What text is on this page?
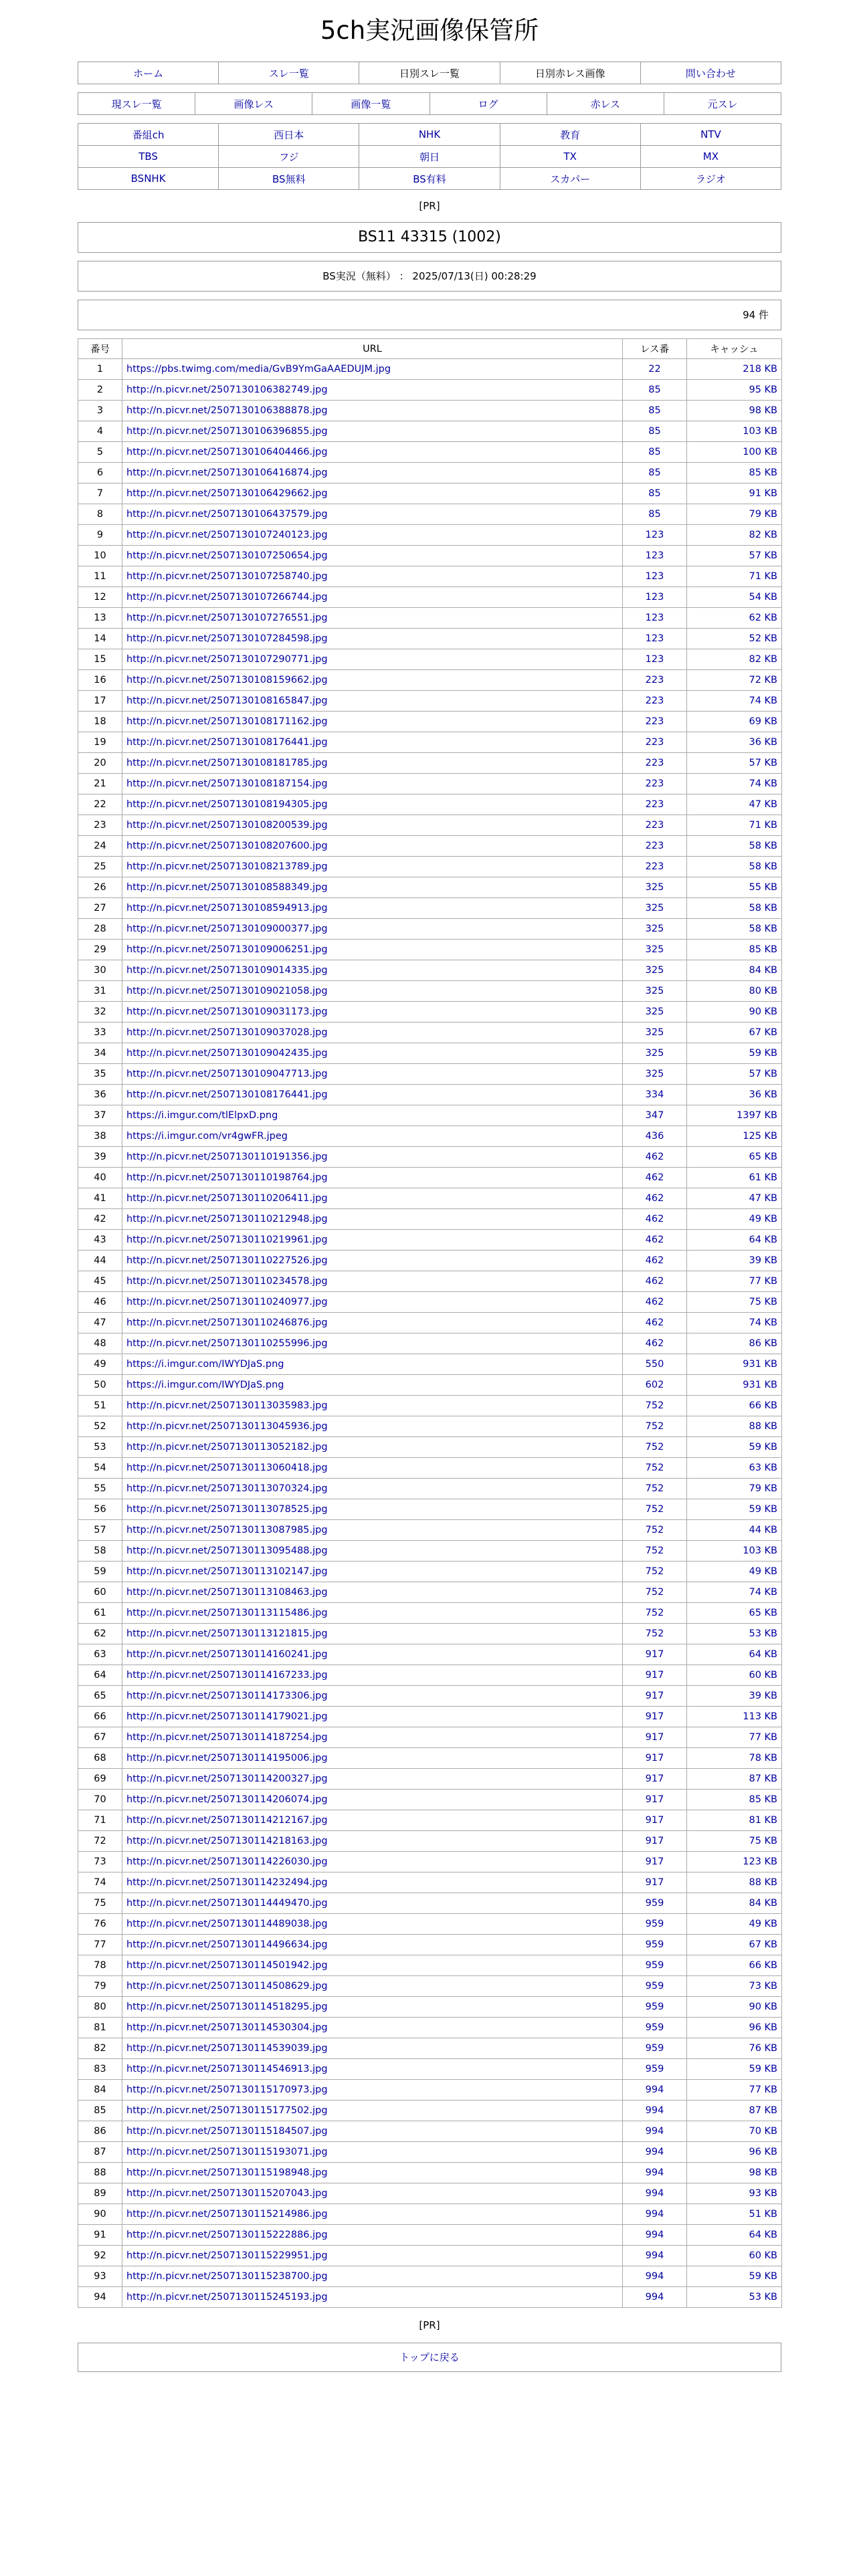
5ch実況画像保管所
ホーム	スレ一覧	日別スレ一覧	日別赤レス画像	問い合わせ
現スレ一覧	画像レス	画像一覧	ログ	赤レス	元スレ
番組ch	西日本	NHK	教育	NTV
TBS	フジ	朝日	TX	MX
BSNHK	BS無料	BS有料	スカパー	ラジオ
[PR]
BS11 43315 (1002)
BS実況（無料） ： 2025/07/13(日) 00:28:29
94 件
番号	URL	レス番	キャッシュ
1	https://pbs.twimg.com/media/GvB9YmGaAAEDUJM.jpg	22	218 KB
2	http://n.picvr.net/2507130106382749.jpg	85	95 KB
3	http://n.picvr.net/2507130106388878.jpg	85	98 KB
4	http://n.picvr.net/2507130106396855.jpg	85	103 KB
5	http://n.picvr.net/2507130106404466.jpg	85	100 KB
6	http://n.picvr.net/2507130106416874.jpg	85	85 KB
7	http://n.picvr.net/2507130106429662.jpg	85	91 KB
8	http://n.picvr.net/2507130106437579.jpg	85	79 KB
9	http://n.picvr.net/2507130107240123.jpg	123	82 KB
10	http://n.picvr.net/2507130107250654.jpg	123	57 KB
11	http://n.picvr.net/2507130107258740.jpg	123	71 KB
12	http://n.picvr.net/2507130107266744.jpg	123	54 KB
13	http://n.picvr.net/2507130107276551.jpg	123	62 KB
14	http://n.picvr.net/2507130107284598.jpg	123	52 KB
15	http://n.picvr.net/2507130107290771.jpg	123	82 KB
16	http://n.picvr.net/2507130108159662.jpg	223	72 KB
17	http://n.picvr.net/2507130108165847.jpg	223	74 KB
18	http://n.picvr.net/2507130108171162.jpg	223	69 KB
19	http://n.picvr.net/2507130108176441.jpg	223	36 KB
20	http://n.picvr.net/2507130108181785.jpg	223	57 KB
21	http://n.picvr.net/2507130108187154.jpg	223	74 KB
22	http://n.picvr.net/2507130108194305.jpg	223	47 KB
23	http://n.picvr.net/2507130108200539.jpg	223	71 KB
24	http://n.picvr.net/2507130108207600.jpg	223	58 KB
25	http://n.picvr.net/2507130108213789.jpg	223	58 KB
26	http://n.picvr.net/2507130108588349.jpg	325	55 KB
27	http://n.picvr.net/2507130108594913.jpg	325	58 KB
28	http://n.picvr.net/2507130109000377.jpg	325	58 KB
29	http://n.picvr.net/2507130109006251.jpg	325	85 KB
30	http://n.picvr.net/2507130109014335.jpg	325	84 KB
31	http://n.picvr.net/2507130109021058.jpg	325	80 KB
32	http://n.picvr.net/2507130109031173.jpg	325	90 KB
33	http://n.picvr.net/2507130109037028.jpg	325	67 KB
34	http://n.picvr.net/2507130109042435.jpg	325	59 KB
35	http://n.picvr.net/2507130109047713.jpg	325	57 KB
36	http://n.picvr.net/2507130108176441.jpg	334	36 KB
37	https://i.imgur.com/tlElpxD.png	347	1397 KB
38	https://i.imgur.com/vr4gwFR.jpeg	436	125 KB
39	http://n.picvr.net/2507130110191356.jpg	462	65 KB
40	http://n.picvr.net/2507130110198764.jpg	462	61 KB
41	http://n.picvr.net/2507130110206411.jpg	462	47 KB
42	http://n.picvr.net/2507130110212948.jpg	462	49 KB
43	http://n.picvr.net/2507130110219961.jpg	462	64 KB
44	http://n.picvr.net/2507130110227526.jpg	462	39 KB
45	http://n.picvr.net/2507130110234578.jpg	462	77 KB
46	http://n.picvr.net/2507130110240977.jpg	462	75 KB
47	http://n.picvr.net/2507130110246876.jpg	462	74 KB
48	http://n.picvr.net/2507130110255996.jpg	462	86 KB
49	https://i.imgur.com/IWYDJaS.png	550	931 KB
50	https://i.imgur.com/IWYDJaS.png	602	931 KB
51	http://n.picvr.net/2507130113035983.jpg	752	66 KB
52	http://n.picvr.net/2507130113045936.jpg	752	88 KB
53	http://n.picvr.net/2507130113052182.jpg	752	59 KB
54	http://n.picvr.net/2507130113060418.jpg	752	63 KB
55	http://n.picvr.net/2507130113070324.jpg	752	79 KB
56	http://n.picvr.net/2507130113078525.jpg	752	59 KB
57	http://n.picvr.net/2507130113087985.jpg	752	44 KB
58	http://n.picvr.net/2507130113095488.jpg	752	103 KB
59	http://n.picvr.net/2507130113102147.jpg	752	49 KB
60	http://n.picvr.net/2507130113108463.jpg	752	74 KB
61	http://n.picvr.net/2507130113115486.jpg	752	65 KB
62	http://n.picvr.net/2507130113121815.jpg	752	53 KB
63	http://n.picvr.net/2507130114160241.jpg	917	64 KB
64	http://n.picvr.net/2507130114167233.jpg	917	60 KB
65	http://n.picvr.net/2507130114173306.jpg	917	39 KB
66	http://n.picvr.net/2507130114179021.jpg	917	113 KB
67	http://n.picvr.net/2507130114187254.jpg	917	77 KB
68	http://n.picvr.net/2507130114195006.jpg	917	78 KB
69	http://n.picvr.net/2507130114200327.jpg	917	87 KB
70	http://n.picvr.net/2507130114206074.jpg	917	85 KB
71	http://n.picvr.net/2507130114212167.jpg	917	81 KB
72	http://n.picvr.net/2507130114218163.jpg	917	75 KB
73	http://n.picvr.net/2507130114226030.jpg	917	123 KB
74	http://n.picvr.net/2507130114232494.jpg	917	88 KB
75	http://n.picvr.net/2507130114449470.jpg	959	84 KB
76	http://n.picvr.net/2507130114489038.jpg	959	49 KB
77	http://n.picvr.net/2507130114496634.jpg	959	67 KB
78	http://n.picvr.net/2507130114501942.jpg	959	66 KB
79	http://n.picvr.net/2507130114508629.jpg	959	73 KB
80	http://n.picvr.net/2507130114518295.jpg	959	90 KB
81	http://n.picvr.net/2507130114530304.jpg	959	96 KB
82	http://n.picvr.net/2507130114539039.jpg	959	76 KB
83	http://n.picvr.net/2507130114546913.jpg	959	59 KB
84	http://n.picvr.net/2507130115170973.jpg	994	77 KB
85	http://n.picvr.net/2507130115177502.jpg	994	87 KB
86	http://n.picvr.net/2507130115184507.jpg	994	70 KB
87	http://n.picvr.net/2507130115193071.jpg	994	96 KB
88	http://n.picvr.net/2507130115198948.jpg	994	98 KB
89	http://n.picvr.net/2507130115207043.jpg	994	93 KB
90	http://n.picvr.net/2507130115214986.jpg	994	51 KB
91	http://n.picvr.net/2507130115222886.jpg	994	64 KB
92	http://n.picvr.net/2507130115229951.jpg	994	60 KB
93	http://n.picvr.net/2507130115238700.jpg	994	59 KB
94	http://n.picvr.net/2507130115245193.jpg	994	53 KB
[PR]
トップに戻る
